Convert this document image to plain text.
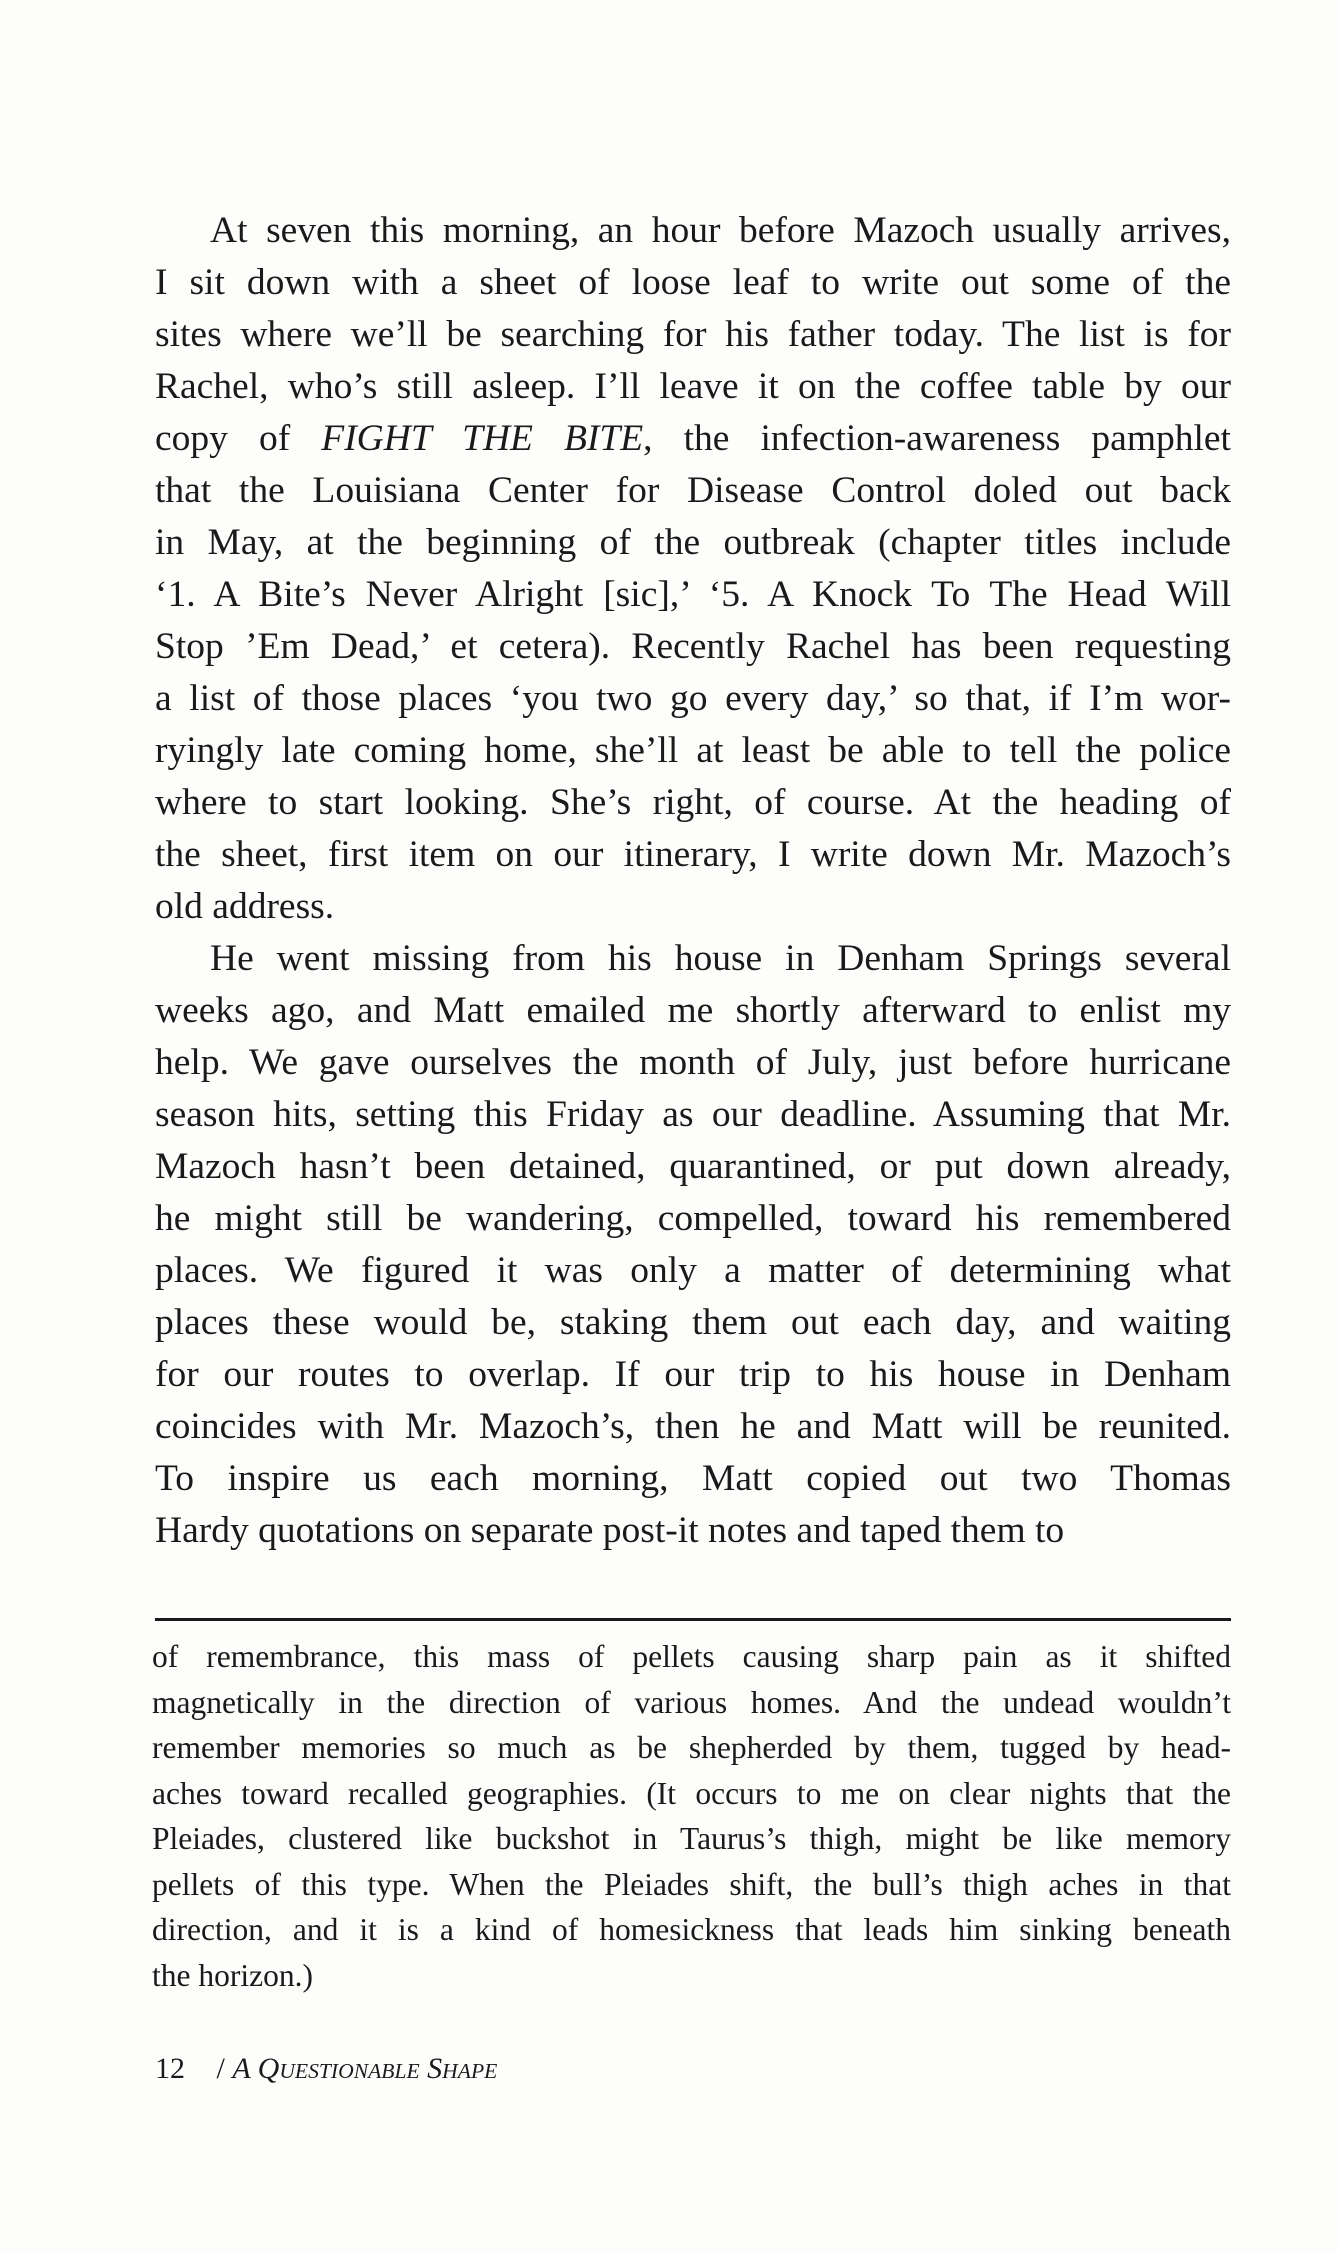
At seven this morning, an hour before Mazoch usually arrives,
I sit down with a sheet of loose leaf to write out some of the
sites where we’ll be searching for his father today. The list is for
Rachel, who’s still asleep. I’ll leave it on the coffee table by our
copy of FIGHT THE BITE, the infection-awareness pamphlet
that the Louisiana Center for Disease Control doled out back
in May, at the beginning of the outbreak (chapter titles include
‘1. A Bite’s Never Alright [sic],’ ‘5. A Knock To The Head Will
Stop ’Em Dead,’ et cetera). Recently Rachel has been requesting
a list of those places ‘you two go every day,’ so that, if I’m wor-
ryingly late coming home, she’ll at least be able to tell the police
where to start looking. She’s right, of course. At the heading of
the sheet, first item on our itinerary, I write down Mr. Mazoch’s
old address.

He went missing from his house in Denham Springs several
weeks ago, and Matt emailed me shortly afterward to enlist my
help. We gave ourselves the month of July, just before hurricane
season hits, setting this Friday as our deadline. Assuming that Mr.
Mazoch hasn’t been detained, quarantined, or put down already,
he might still be wandering, compelled, toward his remembered
places. We figured it was only a matter of determining what
places these would be, staking them out each day, and waiting
for our routes to overlap. If our trip to his house in Denham
coincides with Mr. Mazoch’s, then he and Matt will be reunited.
To inspire us each morning, Matt copied out two Thomas
Hardy quotations on separate post-it notes and taped them to

of remembrance, this mass of pellets causing sharp pain as it shifted
magnetically in the direction of various homes. And the undead wouldn’t
remember memories so much as be shepherded by them, tugged by head-
aches toward recalled geographies. (It occurs to me on clear nights that the
Pleiades, clustered like buckshot in Taurus’s thigh, might be like memory
pellets of this type. When the Pleiades shift, the bull’s thigh aches in that
direction, and it is a kind of homesickness that leads him sinking beneath
the horizon.)
12 / A QUESTIONABLE SHAPE
